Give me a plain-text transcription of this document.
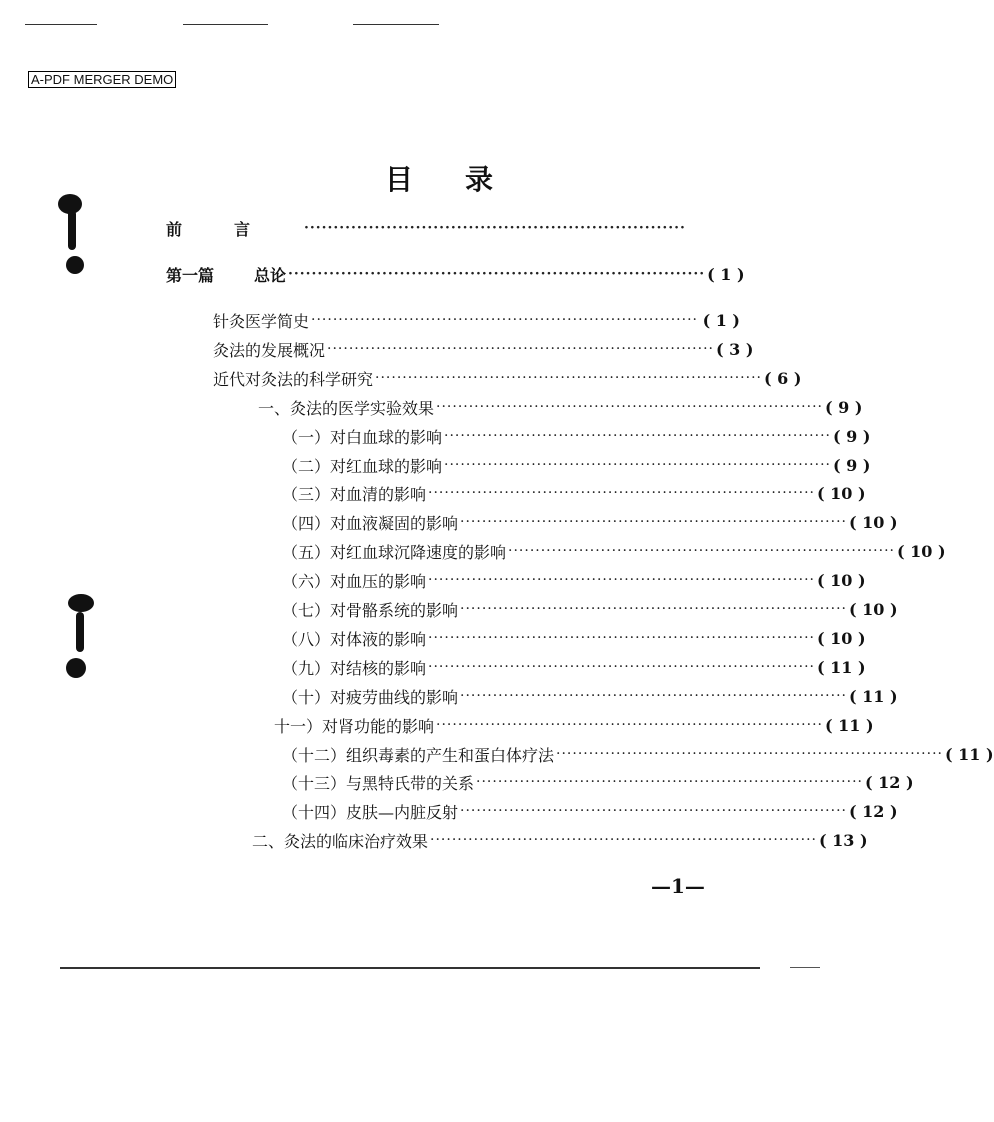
A-PDF MERGER DEMO
目录
前言 ·································································
第一篇	总论 ······································································· ( 1 )
针灸医学简史 ······································································· ( 1 )
灸法的发展概况 ······································································· ( 3 )
近代对灸法的科学研究 ······································································· ( 6 )
一、灸法的医学实验效果 ······································································· ( 9 )
（一）对白血球的影响 ······································································· ( 9 )
（二）对红血球的影响 ······································································· ( 9 )
（三）对血清的影响 ······································································· ( 10 )
（四）对血液凝固的影响 ······································································· ( 10 )
（五）对红血球沉降速度的影响 ······································································· ( 10 )
（六）对血压的影响 ······································································· ( 10 )
（七）对骨骼系统的影响 ······································································· ( 10 )
（八）对体液的影响 ······································································· ( 10 )
（九）对结核的影响 ······································································· ( 11 )
（十）对疲劳曲线的影响 ······································································· ( 11 )
十一）对肾功能的影响 ······································································· ( 11 )
（十二）组织毒素的产生和蛋白体疗法 ······································································· ( 11 )
（十三）与黑特氏带的关系 ······································································· ( 12 )
（十四）皮肤—内脏反射 ······································································· ( 12 )
二、灸法的临床治疗效果 ······································································· ( 13 )
—1—
